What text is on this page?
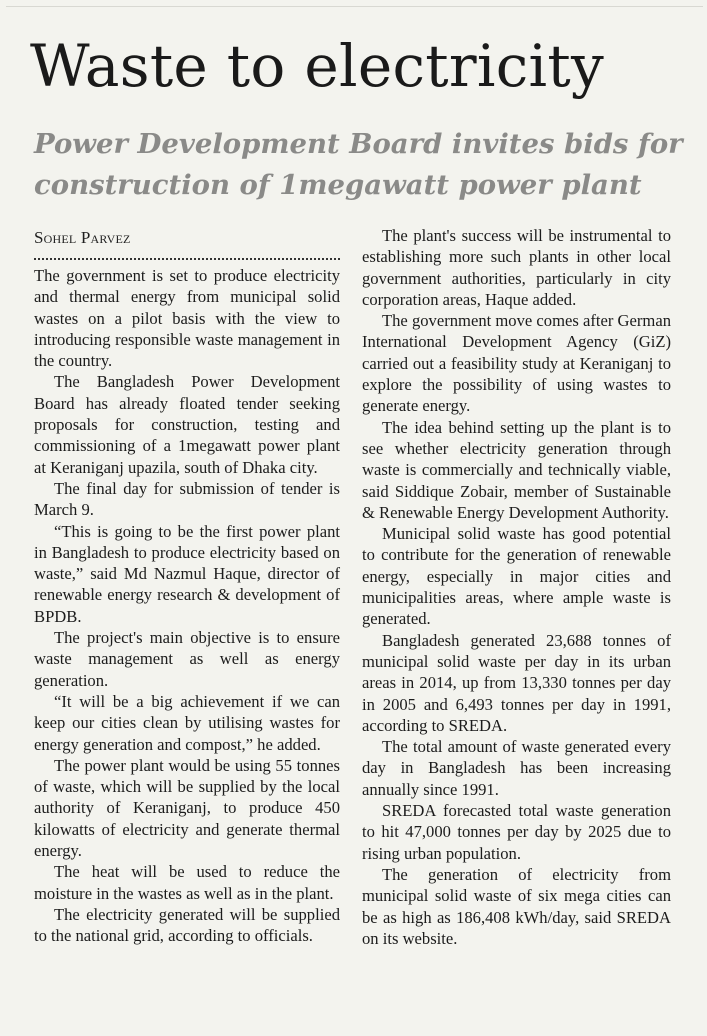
Waste to electricity
Power Development Board invites bids for construction of 1megawatt power plant
Sohel Parvez

The government is set to produce electricity and thermal energy from municipal solid wastes on a pilot basis with the view to introducing responsible waste management in the country.

The Bangladesh Power Development Board has already floated tender seeking proposals for construction, testing and commissioning of a 1megawatt power plant at Keraniganj upazila, south of Dhaka city.

The final day for submission of tender is March 9.

“This is going to be the first power plant in Bangladesh to produce electricity based on waste,” said Md Nazmul Haque, director of renewable energy research & development of BPDB.

The project's main objective is to ensure waste management as well as energy generation.

“It will be a big achievement if we can keep our cities clean by utilising wastes for energy generation and compost,” he added.

The power plant would be using 55 tonnes of waste, which will be supplied by the local authority of Keraniganj, to produce 450 kilowatts of electricity and generate thermal energy.

The heat will be used to reduce the moisture in the wastes as well as in the plant.

The electricity generated will be supplied to the national grid, according to officials.

The plant's success will be instrumental to establishing more such plants in other local government authorities, particularly in city corporation areas, Haque added.

The government move comes after German International Development Agency (GiZ) carried out a feasibility study at Keraniganj to explore the possibility of using wastes to generate energy.

The idea behind setting up the plant is to see whether electricity generation through waste is commercially and technically viable, said Siddique Zobair, member of Sustainable & Renewable Energy Development Authority.

Municipal solid waste has good potential to contribute for the generation of renewable energy, especially in major cities and municipalities areas, where ample waste is generated.

Bangladesh generated 23,688 tonnes of municipal solid waste per day in its urban areas in 2014, up from 13,330 tonnes per day in 2005 and 6,493 tonnes per day in 1991, according to SREDA.

The total amount of waste generated every day in Bangladesh has been increasing annually since 1991.

SREDA forecasted total waste generation to hit 47,000 tonnes per day by 2025 due to rising urban population.

The generation of electricity from municipal solid waste of six mega cities can be as high as 186,408 kWh/day, said SREDA on its website.
